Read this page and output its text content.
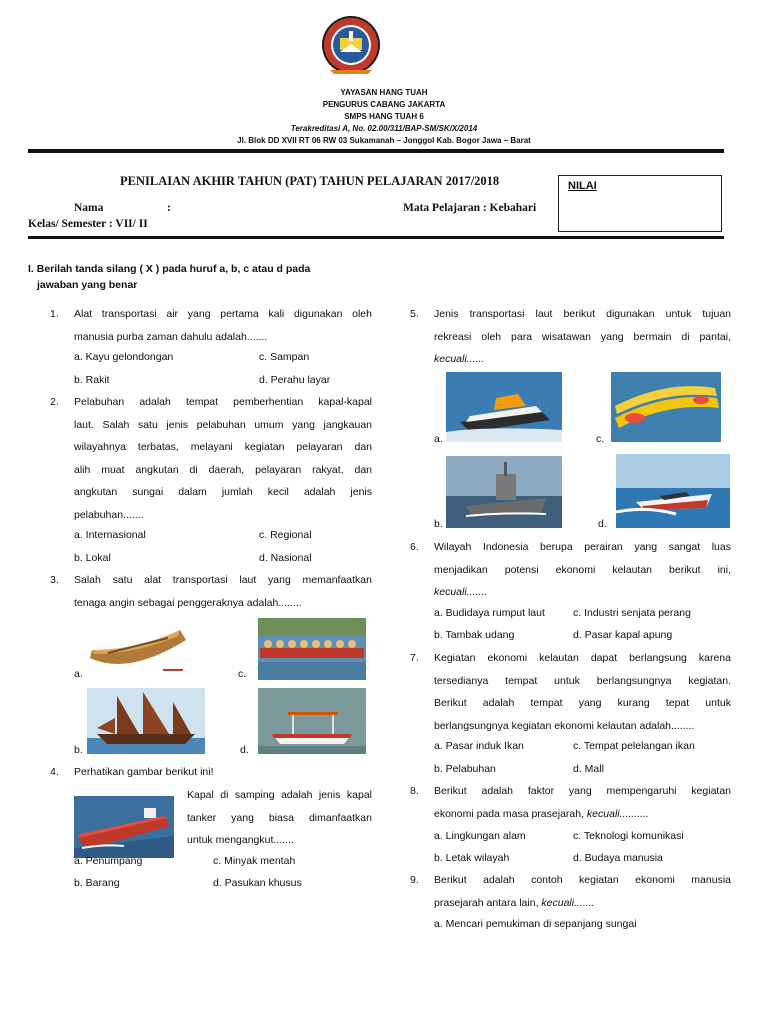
YAYASAN HANG TUAH
PENGURUS CABANG JAKARTA
SMPS HANG TUAH 6
Terakreditasi A, No. 02.00/311/BAP-SM/SK/X/2014
Jl. Blok DD XVII RT 06 RW 03 Sukamanah – Jonggol Kab. Bogor Jawa – Barat
PENILAIAN AKHIR TAHUN (PAT) TAHUN PELAJARAN 2017/2018	NILAI
Nama	:	Mata Pelajaran : Kebahari
Kelas/ Semester : VII/ II
I. Berilah tanda silang ( X ) pada huruf a, b, c atau d pada
jawaban yang benar
1. Alat transportasi air yang pertama kali digunakan oleh
manusia purba zaman dahulu adalah.......
a. Kayu gelondongan	c. Sampan
b. Rakit	d. Perahu layar
2. Pelabuhan adalah tempat pemberhentian kapal-kapal
laut. Salah satu jenis pelabuhan umum yang jangkauan
wilayahnya terbatas, melayani kegiatan pelayaran dan
alih muat angkutan di daerah, pelayaran rakyat, dan
angkutan sungai dalam jumlah kecil adalah jenis
pelabuhan.......
a. Internasional	c. Regional
b. Lokal	d. Nasional
3. Salah satu alat transportasi laut yang memanfaatkan
tenaga angin sebagai penggeraknya adalah........
a.	c.
b.	d.
4. Perhatikan gambar berikut ini!
Kapal di samping adalah jenis kapal
tanker yang biasa dimanfaatkan
untuk mengangkut.......
a. Penumpang	c. Minyak mentah
b. Barang	d. Pasukan khusus
5. Jenis transportasi laut berikut digunakan untuk tujuan
rekreasi oleh para wisatawan yang bermain di pantai,
kecuali......
a.	c.
b.	d.
6. Wilayah Indonesia berupa perairan yang sangat luas
menjadikan potensi ekonomi kelautan berikut ini,
kecuali.......
a. Budidaya rumput laut	c. Industri senjata perang
b. Tambak udang	d. Pasar kapal apung
7. Kegiatan ekonomi kelautan dapat berlangsung karena
tersedianya tempat untuk berlangsungnya kegiatan.
Berikut adalah tempat yang kurang tepat untuk
berlangsungnya kegiatan ekonomi kelautan adalah........
a. Pasar induk Ikan	c. Tempat pelelangan ikan
b. Pelabuhan	d. Mall
8. Berikut adalah faktor yang mempengaruhi kegiatan
ekonomi pada masa prasejarah, kecuali..........
a. Lingkungan alam	c. Teknologi komunikasi
b. Letak wilayah	d. Budaya manusia
9. Berikut adalah contoh kegiatan ekonomi manusia
prasejarah antara lain, kecuali.......
a. Mencari pemukiman di sepanjang sungai
